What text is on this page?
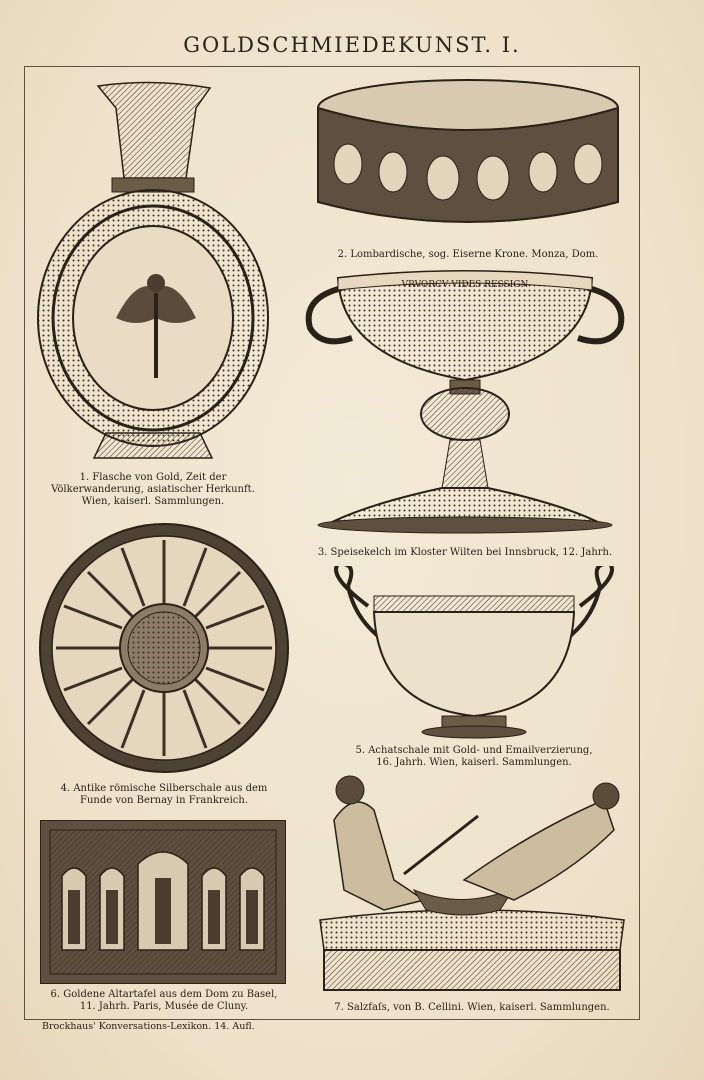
GOLDSCHMIEDEKUNST. I.
1. Flasche von Gold, Zeit der
Völkerwanderung, asiatischer Herkunft.
Wien, kaiserl. Sammlungen.
2. Lombardische, sog. Eiserne Krone. Monza, Dom.
VRVORCV VIDES RESSIGN
3. Speisekelch im Kloster Wilten bei Innsbruck, 12. Jahrh.
4. Antike römische Silberschale aus dem
Funde von Bernay in Frankreich.
5. Achatschale mit Gold- und Emailverzierung,
16. Jahrh. Wien, kaiserl. Sammlungen.
6. Goldene Altartafel aus dem Dom zu Basel,
11. Jahrh. Paris, Musée de Cluny.	7. Salzfaſs, von B. Cellini. Wien, kaiserl. Sammlungen.
Brockhaus' Konversations-Lexikon. 14. Aufl.
